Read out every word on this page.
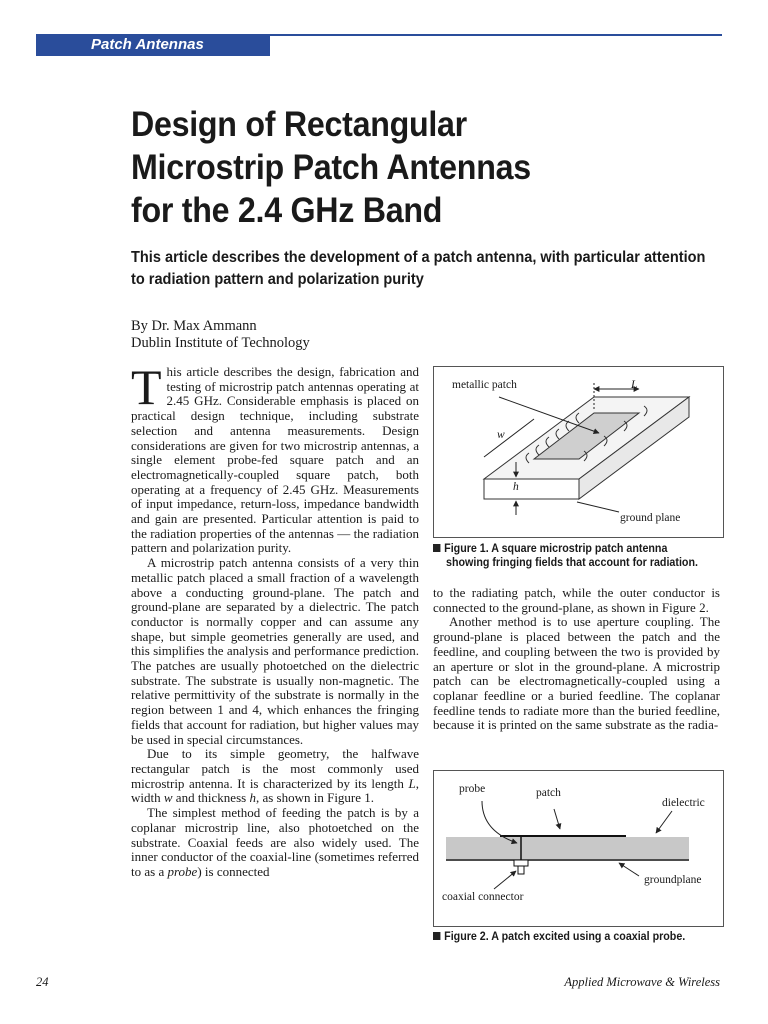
Patch Antennas
Design of Rectangular
Microstrip Patch Antennas
for the 2.4 GHz Band
This article describes the development of a patch antenna, with particular attention to radiation pattern and polarization purity
By Dr. Max Ammann
Dublin Institute of Technology

This article describes the design, fabrication and testing of microstrip patch antennas operating at 2.45 GHz. Considerable emphasis is placed on practical design technique, including substrate selection and antenna measurements. Design considerations are given for two microstrip antennas, a single element probe-fed square patch and an electromagnetically-coupled square patch, both operating at a frequency of 2.45 GHz. Measurements of input impedance, return-loss, impedance bandwidth and gain are presented. Particular attention is paid to the radiation properties of the antennas — the radiation pattern and polarization purity.

A microstrip patch antenna consists of a very thin metallic patch placed a small fraction of a wavelength above a conducting ground-plane. The patch and ground-plane are separated by a dielectric. The patch conductor is normally copper and can assume any shape, but simple geometries generally are used, and this simplifies the analysis and performance prediction. The patches are usually photoetched on the dielectric substrate. The substrate is usually non-magnetic. The relative permittivity of the substrate is normally in the region between 1 and 4, which enhances the fringing fields that account for radiation, but higher values may be used in special circumstances.

Due to its simple geometry, the halfwave rectangular patch is the most commonly used microstrip antenna. It is characterized by its length L, width w and thickness h, as shown in Figure 1.

The simplest method of feeding the patch is by a coplanar microstrip line, also photoetched on the substrate. Coaxial feeds are also widely used. The inner conductor of the coaxial-line (sometimes referred to as a probe) is connected

metallic patch	L
w
h
ground plane
Figure 1. A square microstrip patch antenna
showing fringing fields that account for radiation.

to the radiating patch, while the outer conductor is connected to the ground-plane, as shown in Figure 2.

Another method is to use aperture coupling. The ground-plane is placed between the patch and the feedline, and coupling between the two is provided by an aperture or slot in the ground-plane. A microstrip patch can be electromagnetically-coupled using a coplanar feedline or a buried feedline. The coplanar feedline tends to radiate more than the buried feedline, because it is printed on the same substrate as the radia-

probe	patch
dielectric
groundplane
coaxial connector
Figure 2. A patch excited using a coaxial probe.
24	Applied Microwave & Wireless
